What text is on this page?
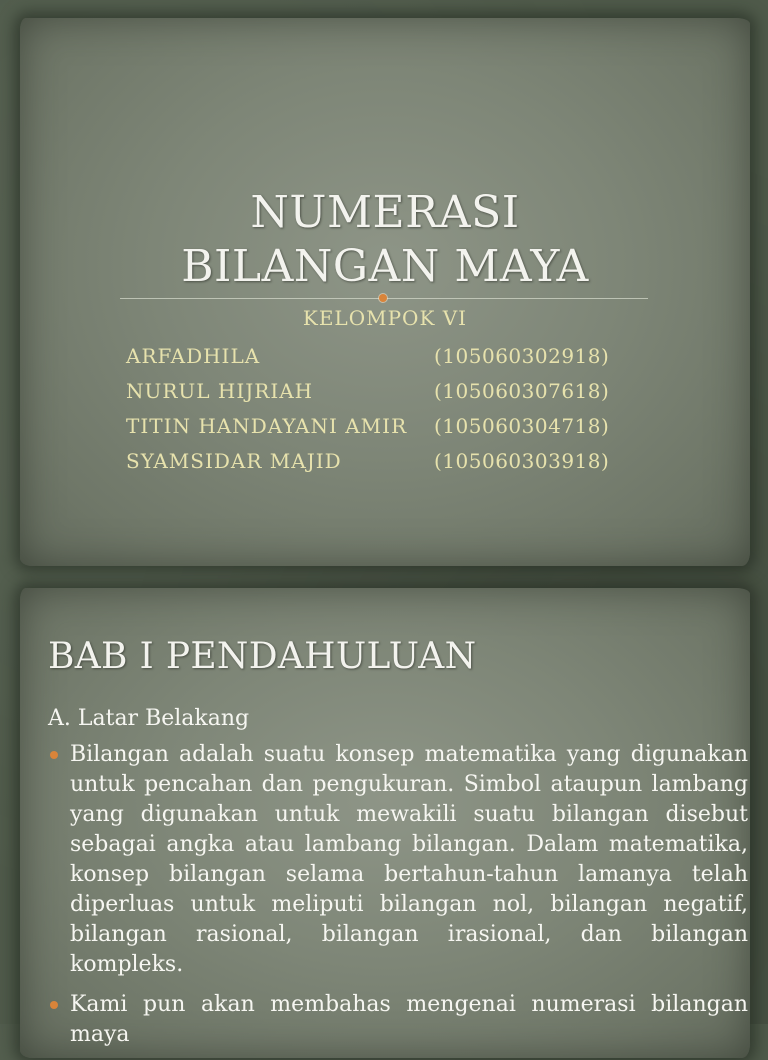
NUMERASI
BILANGAN MAYA
KELOMPOK VI
ARFADHILA	(105060302918)
NURUL HIJRIAH	(105060307618)
TITIN HANDAYANI AMIR	(105060304718)
SYAMSIDAR MAJID	(105060303918)
BAB I PENDAHULUAN
A. Latar Belakang
Bilangan adalah suatu konsep matematika yang digunakan untuk pencahan dan pengukuran. Simbol ataupun lambang yang digunakan untuk mewakili suatu bilangan disebut sebagai angka atau lambang bilangan. Dalam matematika, konsep bilangan selama bertahun-tahun lamanya telah diperluas untuk meliputi bilangan nol, bilangan negatif, bilangan rasional, bilangan irasional, dan bilangan kompleks.
Kami pun akan membahas mengenai numerasi bilangan maya
